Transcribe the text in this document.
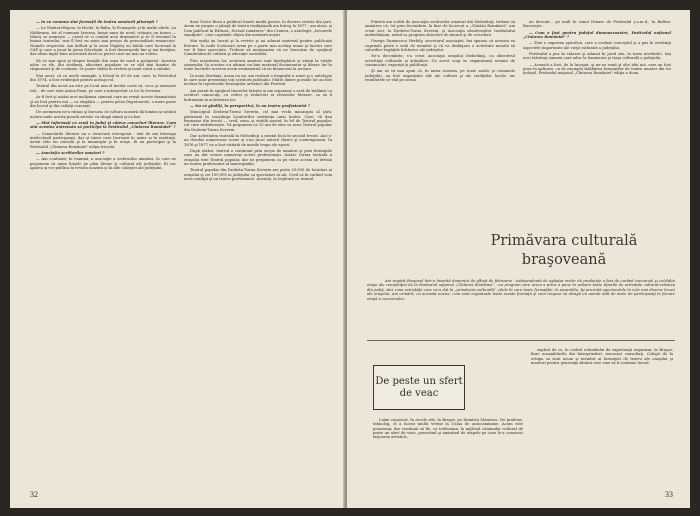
— In ce comune sînt formaţii de teatru amatorii pitureşti ?

— La Vînători-Bujoiu, la Hockt, la Balta, la Pomaşorle şi în multe altele. La Nădăvana, tot al cumunei Izverna, înepe nura de nord, trăiaşte un tinrsu — Mineş se numeşte — cared se vi comnit acta dramatică şi se îl rsvumul în lumea teatrului, war îl fost en mine mai proţos de personalitati remarcate. Numele respectat. Am întîlnit şi la zona Vînjuleţ un bătăii care lucrează la CAP şi care a jucat în piesa Năvetiştii. A fost deosespede îmi şi noi învăţăm, dar alene fapte bine acesvatră dacă cu poteci care nu mai au voleta.

Să vă mai spun şi despre foraţile din zona de nord a podgoriei. Acestea adue cu ele, din străbuni, obiceiuri populare ce se văd mai înainte de răspunsuri şi de costume. Se poate vădea în vechea şi nouă vatră a satului.

Mai unsit, că cu unele exemple, a folosit la 65 de ani, care, la Festivalul din 1974, a fost evidenţiat pentru acelaşi rol.

Teatrul din acest an este pe locul una al invitat caste să, voca şi memorie teh... de care este Anton Pann, pe care a interpretat ce lor la Sevesna.

Ar fi fost şi astăzi acei mulţimea oamenii care au reuşit aceste dramatizări şi au fost pentru noi — ca răsplata — pentru piesa Dupotoarele, o mare parte din lucrul şi din ceilalţi cursanţi.

De asemenea ne-a rămas şi bucuria că cultura noastră dă lumina şi satului nostru unde acesta poartă artistic cu dragă inimă şi cu har.

— Sînt informaţi că aveţi în judeţ şi câteva cenacluri literare. Cum sînt acestea antrenate să participe la Festivalul „Cîntarea României" ?

— Cenaclurile literare au o structură eterogenă : sînt de ani întreaga intelectuali participanţi, dar şi tineri care lucrează în uzine şi în instituţii. Avem câte un cenaclu şi la municipiu şi în oraşe. Ei au participat şi la Festivalul „Cîntarea României" ediţia trecută.

— Asociaţia scriitorilor amatori ?

— Am continuit, în toamnă, a asociaţie a scriitorilor amatori, în care ne propunem să unim forţele pe plan literar şi cultural ale judeţului. Ei vor apărea şi vor publica în revista noastră şi în alte culegeri ale judeţului.

desă Victor Rusu a publicat foarte multă poezie, la diverse reviste din ţară. Avem ne propus o ştiinţă de teatru tradiţională am întreg la 1877 ; am atras, şi l-am publicat în Editura „Scrisul românesc" din Craiova, o antologie „Izvoarele smalţuite", care cuprinde câţiva din membrii noştri.

Mai mulţi au lucrat şi la reviste şi au adunat material pentru publicaţii literare. În noile Scrisoare avem pe o parte mai acelaşi nume şi lucrări care vor fi bine apreciate. Trebuie să menţionăm că ne bucurăm de sprijinul Comitetului de cultură şi educaţie socialistă.

Prin activitatea lor, scriitorii amatori sunt înţelegători şi atenţi la vieţile oamenilor. În acestea s-a adunat un bun material documentar şi literar. Iar în toate lucrările acestea avem sentimentul că ne întoarcem la izvoare.

În noua Strehaia, acum un an, am realizat o biografie a zonei şi o antologie în care sunt prezentaţi toţi scriitorii judeţului. Multe dintre poeziile lor au fost incluse în repertoriile formaţiilor artistice din Festival.

Am pornit în sprijinul tinerelor talente şi am organizat o seră de întâlniri cu scriitori cunoscuţi, cu critici şi redactori ai revistelor literare, ca să îi îndrumăm în activitatea lor.

— Nu vă gîndiţi, în perspectivă, la un teatru profesionist ?

Municipiul Drobeta-Turnu Severin, cel mai vechi municipiu al ţării, păstrează în conştiinţa locuitorilor existenţa unui teatru. Care, vă dau frumoase din trecut — cred, zona, şi strădă nostră, în fel de Teatrul popular, cel care sărbătoreşte. Vă propunem ca 15 ani de ziua va avea Teatrul popular din Drobeta-Turnu Severin.

Dar activitatea teatrală în Mehedinţi a existat încă în secolul trecut. Aici s-au deschis numeroase scene şi s-au jucat autorii clasici şi contemporani. În 1876 şi 1877 ea a fost vizitată de marile trupe ale epocii.

După război, teatrul a continuat prin secţia de amatori şi prin formaţiile care au dat scenei numeroşi actori profesionişti. Astăzi, forma teatrală a oraşului este Teatrul popular, dar ne propunem ca pe viitor acesta să devină un teatru profesionist al municipiului.

Teatrul popular din Drobeta-Turnu Severin are peste 20.000 de locuitori ai oraşului şi cei 100.000 ai judeţului ca spectatori ai săi. Cred că în curând vom avea condiţii şi un teatru profesionist. Această, la Iegătură cu teatrul.

32

Fiindcă am vorbit de Asociaţia scriitorilor amatori din Mehedinţi, trebuie să amintesc că, tot prin decembrie, la fuse de încercat a „Cîntării României", am creat aici, la Drobeta-Turnu Severin, şi Asociaţia absolvenţilor Institutului mehedinţean, avînd ca program obiective de muncă şi de cercetare.

George Daminescu Herbily, secretarul asociaţiei, îmi spunea că aceasta va cuprinde peste o sută de membri şi că va desfăşura o activitate menită să valorifice bogăţiile folclorice ale judeţului.

Ne-a decembrie, s-a creat Asociaţia oraşului Mehedinţi, cu obiectivul activităţii culturale şi ştiinţifice. Cu acest scop se organizează sesiuni de comunicări, expoziţii şi publicaţii.

Şi am să vă mai spun că, în iarna aceasta, pe toate satele şi comunele judeţului, au fost organizate zile ale culturii şi ale tradiţiilor locale, iar rezultatele se văd pe scenă.

au devenit... pe mult în sanul Ilvnare de Festivalul ş.a.m.d., în Buftea-Bucureşti...

— Cum a fost pentru judeţul dumneavoastră, Festivalul naţional „Cîntarea României" ?

— Este o suprema specifică, care a evaluat conceptul şi a pus în evidenţă aspectele importante ale vieţii culturale a judeţului.

Festivalul a pus în valoare şi adunat în jurul său, la toate nivelurile, toţi acei talentaţi oameni care aduc la luminarea şi viaţa culturală a judeţului.

— Această a fost, de la început, şi ne-au venit şi alte idei noi, care au fost puse în aplicare, ca de exemplu întâlnirea formaţiilor de teatru amator din tot judeţul, Festivalul naţional „Cîntarea României" ediţia a doua.

Primăvara culturală braşoveană
Am regăsit Braşovul într-o însorită duminică de sfîrşit de februarie : independentă de agitaţia orelor de producţie a fost de curând concursul şi celelalte etape ale competiţiei de la Festivalul naţional „Cîntarea României" ; un program care acum a prins a pune în valoare toate tipurile de activitate cultural-artistică din judeţ. Aici zona activităţii care ne-a dat la „primăvara culturală", zilele în care toate formaţiile, în ansamblu, îşi prezintă spectacolele în cele mai diverse locuri ale oraşului. Am urmărit, cu această ocazie, cum sunt organizate toate aceste formaţii şi cum reuşesc să atragă un număr atât de mare de participanţi la fiecare etapă a concursului.
De peste un sfert de veac

Luăm cunoscut, în recele zile, la Braşov, pe Dumitru Stănescu. De profesie, tehnolog, el a lucrat multă vreme la Uzina de autocamioane. Acum este pensionar, dar continuă să fie, ca totdeauna, la mijlocul căminului cultural de peste un sfert de veac, povestind şi amintind de etapele pe care le-a cunoscut mişcarea artistică.

explică de ce, în cadrul schimbului de experienţă organizat, în Braşov, fiare ansamblurile din întreprinderi, mecanici consultaţi. Colegii de la echipa sa sunt acum şi membri ai formaţiei de teatru ale oraşului şi mentori pentru generaţia tânără care vine să îi continue lucrul.

33
